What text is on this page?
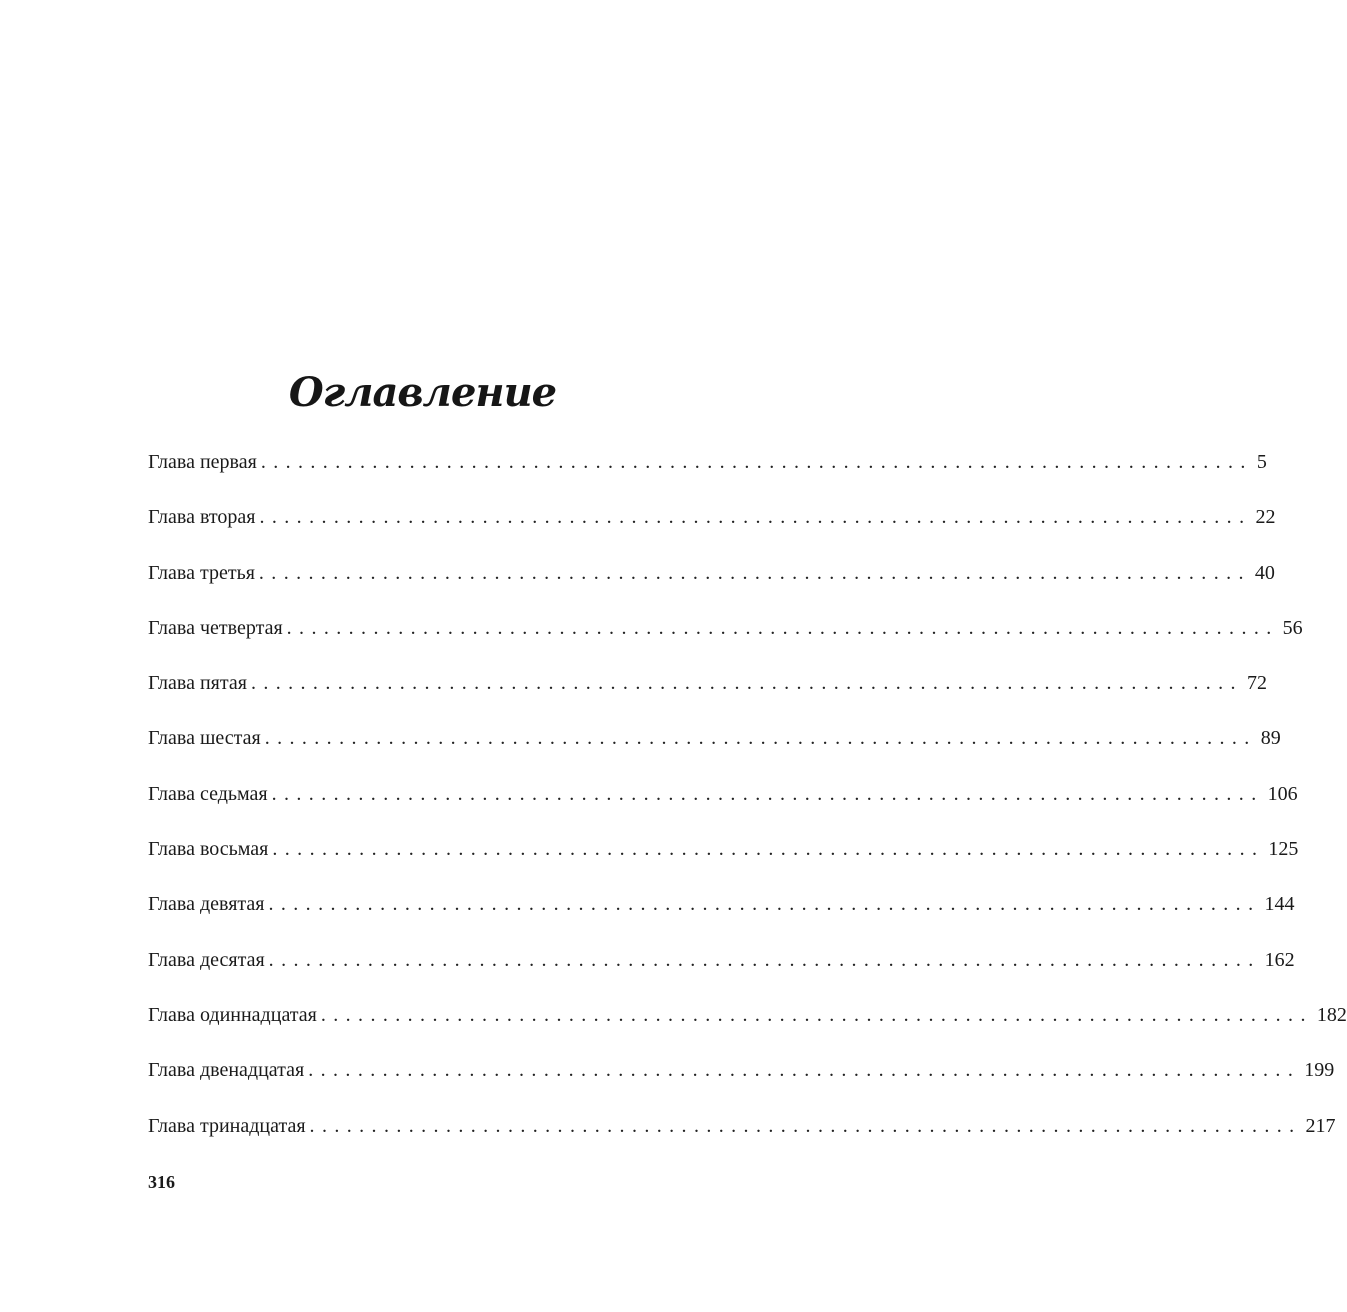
Оглавление
Глава первая ................................................................................ 5
Глава вторая ................................................................................ 22
Глава третья ................................................................................ 40
Глава четвертая ................................................................................ 56
Глава пятая ................................................................................ 72
Глава шестая ................................................................................ 89
Глава седьмая ................................................................................ 106
Глава восьмая ................................................................................ 125
Глава девятая ................................................................................ 144
Глава десятая ................................................................................ 162
Глава одиннадцатая ................................................................................ 182
Глава двенадцатая ................................................................................ 199
Глава тринадцатая ................................................................................ 217
316
